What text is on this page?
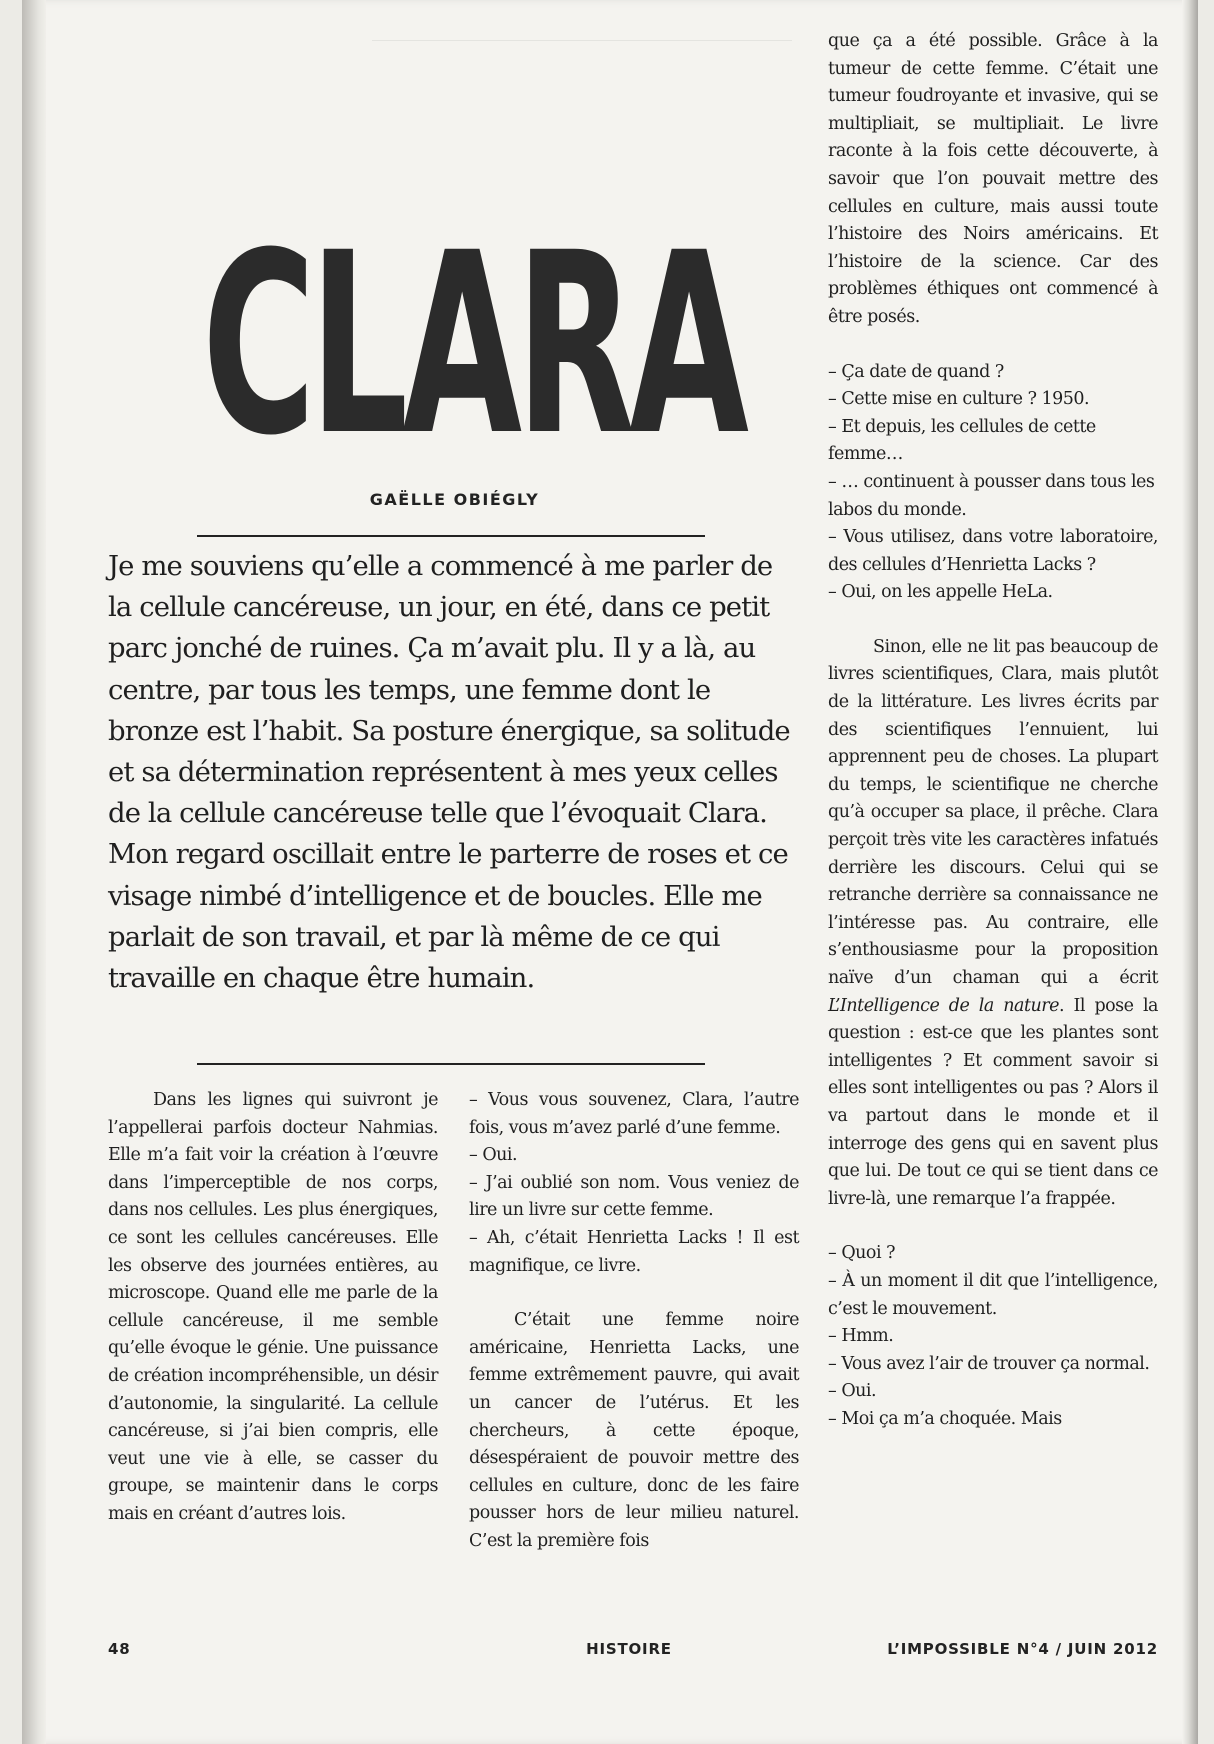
CLARA
GAËLLE OBIÉGLY

Je me souviens qu’elle a commencé à me parler de la cellule cancéreuse, un jour, en été, dans ce petit parc jonché de ruines. Ça m’avait plu. Il y a là, au centre, par tous les temps, une femme dont le bronze est l’habit. Sa posture énergique, sa solitude et sa détermination représentent à mes yeux celles de la cellule cancéreuse telle que l’évoquait Clara. Mon regard oscillait entre le parterre de roses et ce visage nimbé d’intelligence et de boucles. Elle me parlait de son travail, et par là même de ce qui travaille en chaque être humain.

Dans les lignes qui suivront je l’appellerai parfois docteur Nahmias. Elle m’a fait voir la création à l’œuvre dans l’imperceptible de nos corps, dans nos cellules. Les plus énergiques, ce sont les cellules cancéreuses. Elle les observe des journées entières, au microscope. Quand elle me parle de la cellule cancéreuse, il me semble qu’elle évoque le génie. Une puissance de création incompréhensible, un désir d’autonomie, la singularité. La cellule cancéreuse, si j’ai bien compris, elle veut une vie à elle, se casser du groupe, se maintenir dans le corps mais en créant d’autres lois.

– Vous vous souvenez, Clara, l’autre fois, vous m’avez parlé d’une femme.

– Oui.

– J’ai oublié son nom. Vous veniez de lire un livre sur cette femme.

– Ah, c’était Henrietta Lacks ! Il est magnifique, ce livre.

C’était une femme noire américaine, Henrietta Lacks, une femme extrêmement pauvre, qui avait un cancer de l’utérus. Et les chercheurs, à cette époque, désespéraient de pouvoir mettre des cellules en culture, donc de les faire pousser hors de leur milieu naturel. C’est la première fois

que ça a été possible. Grâce à la tumeur de cette femme. C’était une tumeur foudroyante et invasive, qui se multipliait, se multipliait. Le livre raconte à la fois cette découverte, à savoir que l’on pouvait mettre des cellules en culture, mais aussi toute l’histoire des Noirs américains. Et l’histoire de la science. Car des problèmes éthiques ont commencé à être posés.

– Ça date de quand ?

– Cette mise en culture ? 1950.

– Et depuis, les cellules de cette femme…

– … continuent à pousser dans tous les labos du monde.

– Vous utilisez, dans votre laboratoire, des cellules d’Henrietta Lacks ?

– Oui, on les appelle HeLa.

Sinon, elle ne lit pas beaucoup de livres scientifiques, Clara, mais plutôt de la littérature. Les livres écrits par des scientifiques l’ennuient, lui apprennent peu de choses. La plupart du temps, le scientifique ne cherche qu’à occuper sa place, il prêche. Clara perçoit très vite les caractères infatués derrière les discours. Celui qui se retranche derrière sa connaissance ne l’intéresse pas. Au contraire, elle s’enthousiasme pour la proposition naïve d’un chaman qui a écrit L’Intelligence de la nature. Il pose la question : est-ce que les plantes sont intelligentes ? Et comment savoir si elles sont intelligentes ou pas ? Alors il va partout dans le monde et il interroge des gens qui en savent plus que lui. De tout ce qui se tient dans ce livre-là, une remarque l’a frappée.

– Quoi ?

– À un moment il dit que l’intelligence, c’est le mouvement.

– Hmm.

– Vous avez l’air de trouver ça normal.

– Oui.

– Moi ça m’a choquée. Mais

48	HISTOIRE	L’IMPOSSIBLE N°4 / JUIN 2012
